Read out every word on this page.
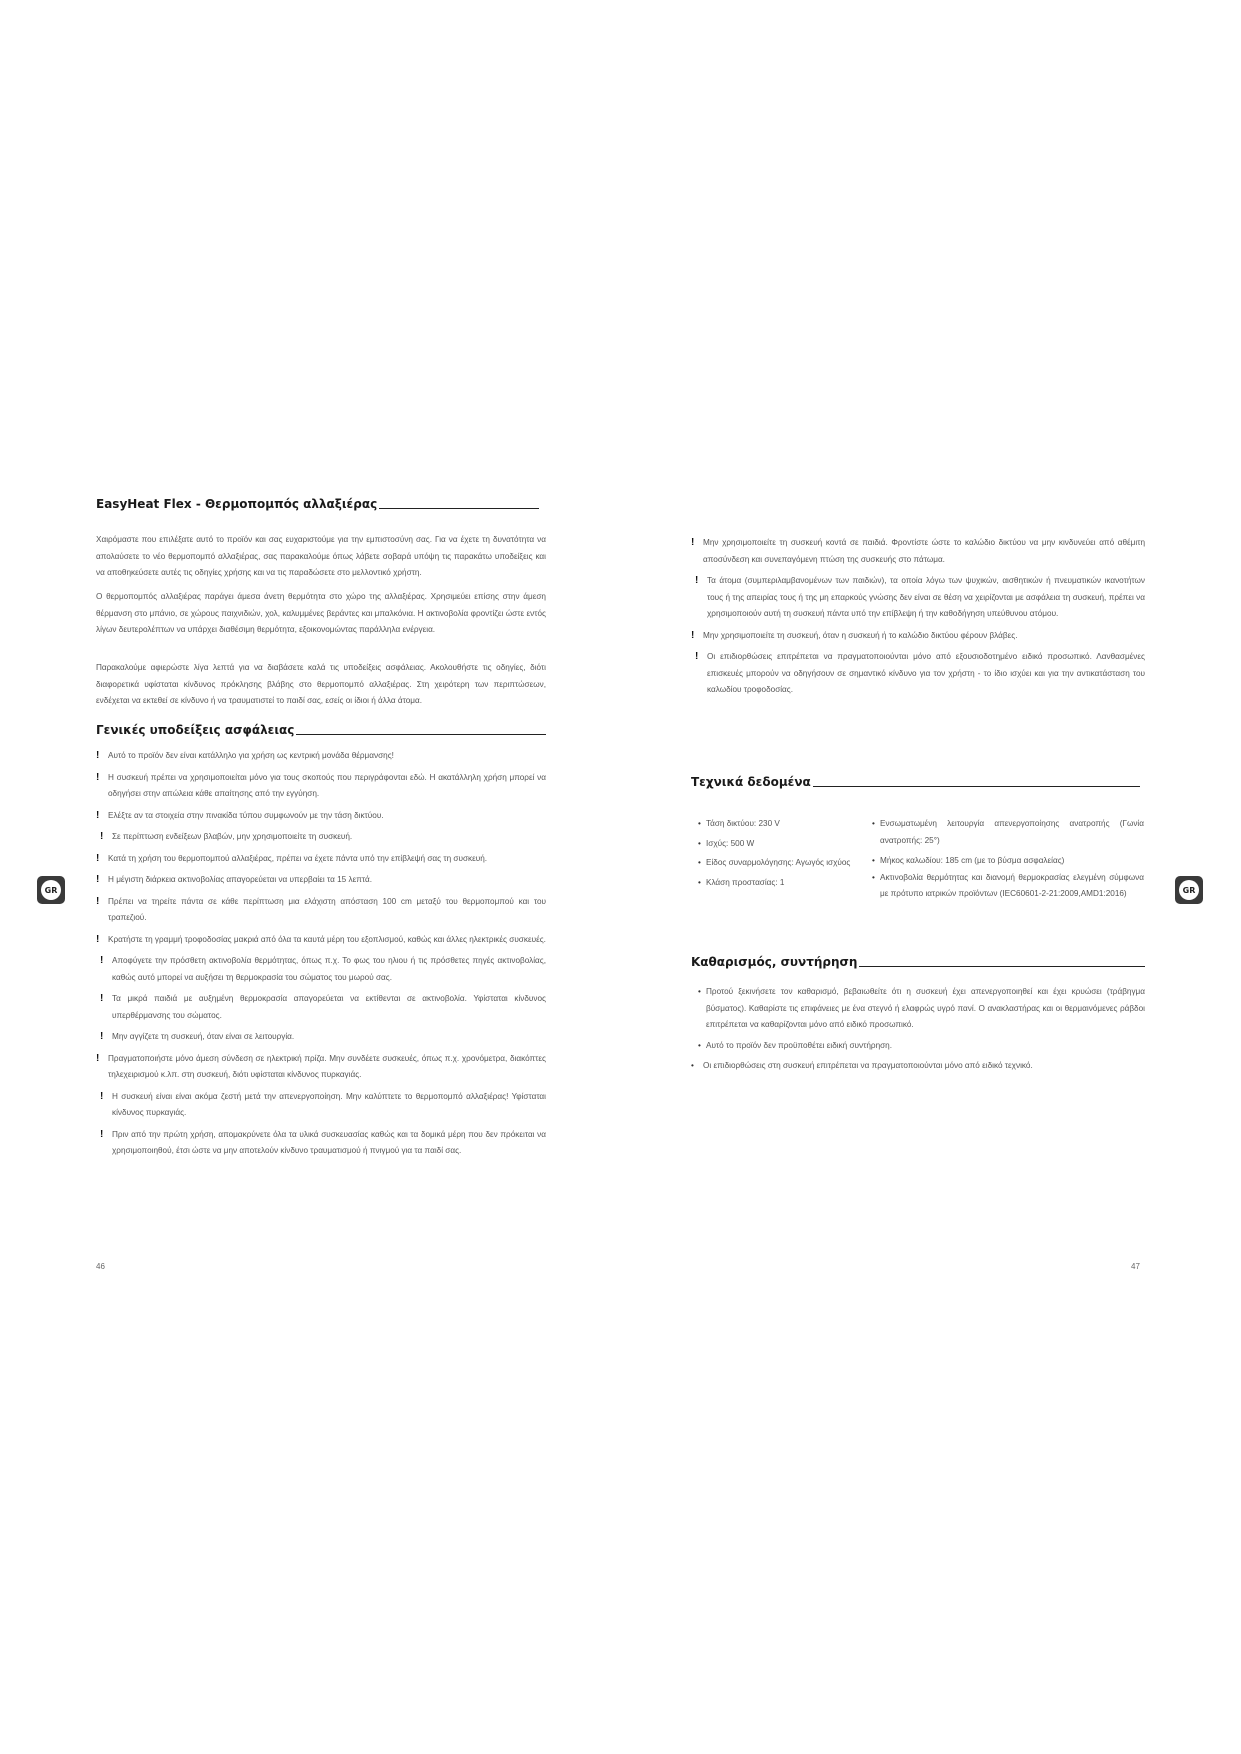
EasyHeat Flex - Θερμοπομπός αλλαξιέρας
Χαιρόμαστε που επιλέξατε αυτό το προϊόν και σας ευχαριστούμε για την εμπιστοσύνη σας. Για να έχετε τη δυνατότητα να απολαύσετε το νέο θερμοπομπό αλλαξιέρας, σας παρακαλούμε όπως λάβετε σοβαρά υπόψη τις παρακάτω υποδείξεις και να αποθηκεύσετε αυτές τις οδηγίες χρήσης και να τις παραδώσετε στο μελλοντικό χρήστη.
Ο θερμοπομπός αλλαξιέρας παράγει άμεσα άνετη θερμότητα στο χώρο της αλλαξιέρας. Χρησιμεύει επίσης στην άμεση θέρμανση στο μπάνιο, σε χώρους παιχνιδιών, χολ, καλυμμένες βεράντες και μπαλκόνια. Η ακτινοβολία φροντίζει ώστε εντός λίγων δευτερολέπτων να υπάρχει διαθέσιμη θερμότητα, εξοικονομώντας παράλληλα ενέργεια.
Παρακαλούμε αφιερώστε λίγα λεπτά για να διαβάσετε καλά τις υποδείξεις ασφάλειας. Ακολουθήστε τις οδηγίες, διότι διαφορετικά υφίσταται κίνδυνος πρόκλησης βλάβης στο θερμοπομπό αλλαξιέρας. Στη χειρότερη των περιπτώσεων, ενδέχεται να εκτεθεί σε κίνδυνο ή να τραυματιστεί το παιδί σας, εσείς οι ίδιοι ή άλλα άτομα.
Γενικές υποδείξεις ασφάλειας
! Αυτό το προϊόν δεν είναι κατάλληλο για χρήση ως κεντρική μονάδα θέρμανσης!
! Η συσκευή πρέπει να χρησιμοποιείται μόνο για τους σκοπούς που περιγράφονται εδώ. Η ακατάλληλη χρήση μπορεί να οδηγήσει στην απώλεια κάθε απαίτησης από την εγγύηση.
! Ελέξτε αν τα στοιχεία στην πινακίδα τύπου συμφωνούν με την τάση δικτύου.
! Σε περίπτωση ενδείξεων βλαβών, μην χρησιμοποιείτε τη συσκευή.
! Κατά τη χρήση του θερμοπομπού αλλαξιέρας, πρέπει να έχετε πάντα υπό την επίβλεψή σας τη συσκευή.
! Η μέγιστη διάρκεια ακτινοβολίας απαγορεύεται να υπερβαίει τα 15 λεπτά.
! Πρέπει να τηρείτε πάντα σε κάθε περίπτωση μια ελάχιστη απόσταση 100 cm μεταξύ του θερμοπομπού και του τραπεζιού.
! Κρατήστε τη γραμμή τροφοδοσίας μακριά από όλα τα καυτά μέρη του εξοπλισμού, καθώς και άλλες ηλεκτρικές συσκευές.
! Αποφύγετε την πρόσθετη ακτινοβολία θερμότητας, όπως π.χ. Το φως του ηλιου ή τις πρόσθετες πηγές ακτινοβολίας, καθώς αυτό μπορεί να αυξήσει τη θερμοκρασία του σώματος του μωρού σας.
! Τα μικρά παιδιά με αυξημένη θερμοκρασία απαγορεύεται να εκτίθενται σε ακτινοβολία. Υφίσταται κίνδυνος υπερθέρμανσης του σώματος.
! Μην αγγίζετε τη συσκευή, όταν είναι σε λειτουργία.
! Πραγματοποιήστε μόνο άμεση σύνδεση σε ηλεκτρική πρίζα. Μην συνδέετε συσκευές, όπως π.χ. χρονόμετρα, διακόπτες τηλεχειρισμού κ.λπ. στη συσκευή, διότι υφίσταται κίνδυνος πυρκαγιάς.
! Η συσκευή είναι είναι ακόμα ζεστή μετά την απενεργοποίηση. Μην καλύπτετε το θερμοπομπό αλλαξιέρας! Υφίσταται κίνδυνος πυρκαγιάς.
! Πριν από την πρώτη χρήση, απομακρύνετε όλα τα υλικά συσκευασίας καθώς και τα δομικά μέρη που δεν πρόκειται να χρησιμοποιηθού, έτσι ώστε να μην αποτελούν κίνδυνο τραυματισμού ή πνιγμού για τα παιδί σας.
GR
46
! Μην χρησιμοποιείτε τη συσκευή κοντά σε παιδιά. Φροντίστε ώστε το καλώδιο δικτύου να μην κινδυνεύει από αθέμιτη αποσύνδεση και συνεπαγόμενη πτώση της συσκευής στο πάτωμα.
! Τα άτομα (συμπεριλαμβανομένων των παιδιών), τα οποία λόγω των ψυχικών, αισθητικών ή πνευματικών ικανοτήτων τους ή της απειρίας τους ή της μη επαρκούς γνώσης δεν είναι σε θέση να χειρίζονται με ασφάλεια τη συσκευή, πρέπει να χρησιμοποιούν αυτή τη συσκευή πάντα υπό την επίβλεψη ή την καθοδήγηση υπεύθυνου ατόμου.
! Μην χρησιμοποιείτε τη συσκευή, όταν η συσκευή ή το καλώδιο δικτύου φέρουν βλάβες.
! Οι επιδιορθώσεις επιτρέπεται να πραγματοποιούνται μόνο από εξουσιοδοτημένο ειδικό προσωπικό. Λανθασμένες επισκευές μπορούν να οδηγήσουν σε σημαντικό κίνδυνο για τον χρήστη - το ίδιο ισχύει και για την αντικατάσταση του καλωδίου τροφοδοσίας.
Τεχνικά δεδομένα
• Τάση δικτύου: 230 V
• Ισχύς: 500 W
• Είδος συναρμολόγησης: Αγωγός ισχύος
• Κλάση προστασίας: 1
• Ενσωματωμένη λειτουργία απενεργοποίησης ανατροπής (Γωνία ανατροπής: 25°)
• Μήκος καλωδίου: 185 cm (με το βύσμα ασφαλείας)
• Ακτινοβολία θερμότητας και διανομή θερμοκρασίας ελεγμένη σύμφωνα με πρότυπο ιατρικών προϊόντων (IEC60601-2-21:2009,AMD1:2016)
Καθαρισμός, συντήρηση
• Προτού ξεκινήσετε τον καθαρισμό, βεβαιωθείτε ότι η συσκευή έχει απενεργοποιηθεί και έχει κρυώσει (τράβηγμα βύσματος). Καθαρίστε τις επιφάνειες με ένα στεγνό ή ελαφρώς υγρό πανί. Ο ανακλαστήρας και οι θερμαινόμενες ράβδοι επιτρέπεται να καθαρίζονται μόνο από ειδικό προσωπικό.
• Αυτό το προϊόν δεν προϋποθέτει ειδική συντήρηση.
• Οι επιδιορθώσεις στη συσκευή επιτρέπεται να πραγματοποιούνται μόνο από ειδικό τεχνικό.
GR
47
